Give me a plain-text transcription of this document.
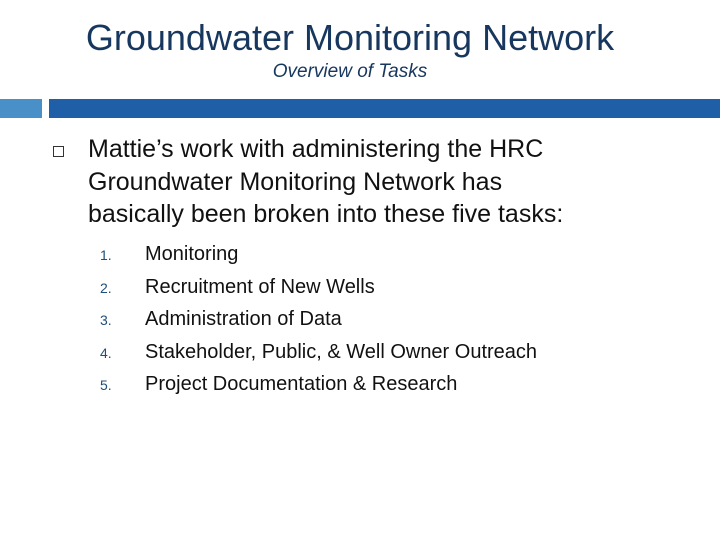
Groundwater Monitoring Network
Overview of Tasks
Mattie’s work with administering the HRC
Groundwater Monitoring Network has
basically been broken into these five tasks:
1.	Monitoring
2.	Recruitment of New Wells
3.	Administration of Data
4.	Stakeholder, Public, & Well Owner Outreach
5.	Project Documentation & Research
